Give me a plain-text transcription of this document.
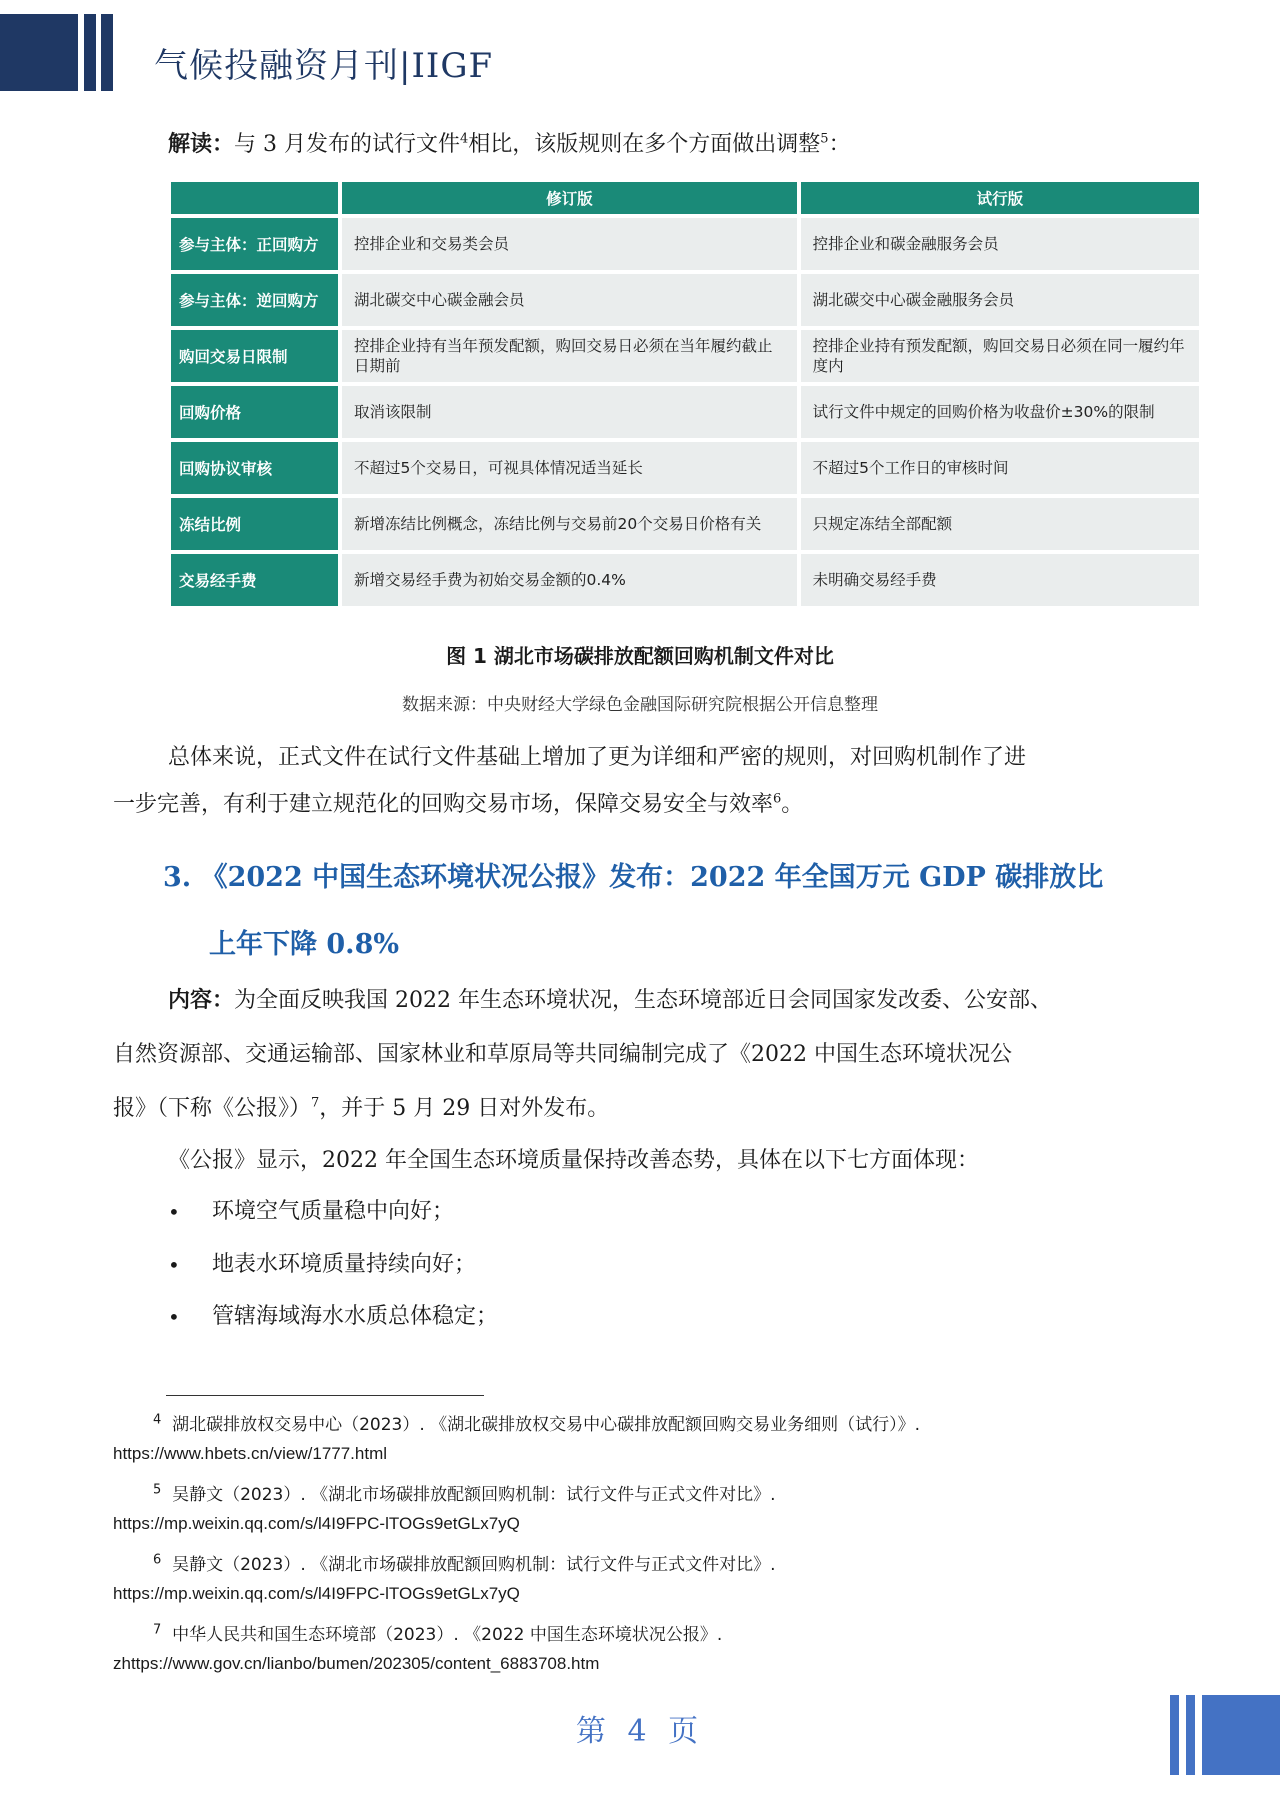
气候投融资月刊|IIGF
解读：与 3 月发布的试行文件$^4$相比，该版规则在多个方面做出调整$^5$：
	修订版	试行版
参与主体：正回购方	控排企业和交易类会员	控排企业和碳金融服务会员
参与主体：逆回购方	湖北碳交中心碳金融会员	湖北碳交中心碳金融服务会员
购回交易日限制	控排企业持有当年预发配额，购回交易日必须在当年履约截止日期前	控排企业持有预发配额，购回交易日必须在同一履约年度内
回购价格	取消该限制	试行文件中规定的回购价格为收盘价±30%的限制
回购协议审核	不超过5个交易日，可视具体情况适当延长	不超过5个工作日的审核时间
冻结比例	新增冻结比例概念，冻结比例与交易前20个交易日价格有关	只规定冻结全部配额
交易经手费	新增交易经手费为初始交易金额的0.4%	未明确交易经手费
图 1 湖北市场碳排放配额回购机制文件对比
数据来源：中央财经大学绿色金融国际研究院根据公开信息整理
总体来说，正式文件在试行文件基础上增加了更为详细和严密的规则，对回购机制作了进
一步完善，有利于建立规范化的回购交易市场，保障交易安全与效率$^6$。
3. 《2022 中国生态环境状况公报》发布：2022 年全国万元 GDP 碳排放比
上年下降 0.8%
内容：为全面反映我国 2022 年生态环境状况，生态环境部近日会同国家发改委、公安部、
自然资源部、交通运输部、国家林业和草原局等共同编制完成了《2022 中国生态环境状况公
报》（下称《公报》）$^7$，并于 5 月 29 日对外发布。
《公报》显示，2022 年全国生态环境质量保持改善态势，具体在以下七方面体现：
• 环境空气质量稳中向好；
• 地表水环境质量持续向好；
• 管辖海域海水水质总体稳定；
$^4$ 湖北碳排放权交易中心（2023）. 《湖北碳排放权交易中心碳排放配额回购交易业务细则（试行）》.
https://www.hbets.cn/view/1777.html
$^5$ 吴静文（2023）. 《湖北市场碳排放配额回购机制：试行文件与正式文件对比》.
https://mp.weixin.qq.com/s/l4I9FPC-lTOGs9etGLx7yQ
$^6$ 吴静文（2023）. 《湖北市场碳排放配额回购机制：试行文件与正式文件对比》.
https://mp.weixin.qq.com/s/l4I9FPC-lTOGs9etGLx7yQ
$^7$ 中华人民共和国生态环境部（2023）. 《2022 中国生态环境状况公报》.
zhttps://www.gov.cn/lianbo/bumen/202305/content_6883708.htm
第 4 页
